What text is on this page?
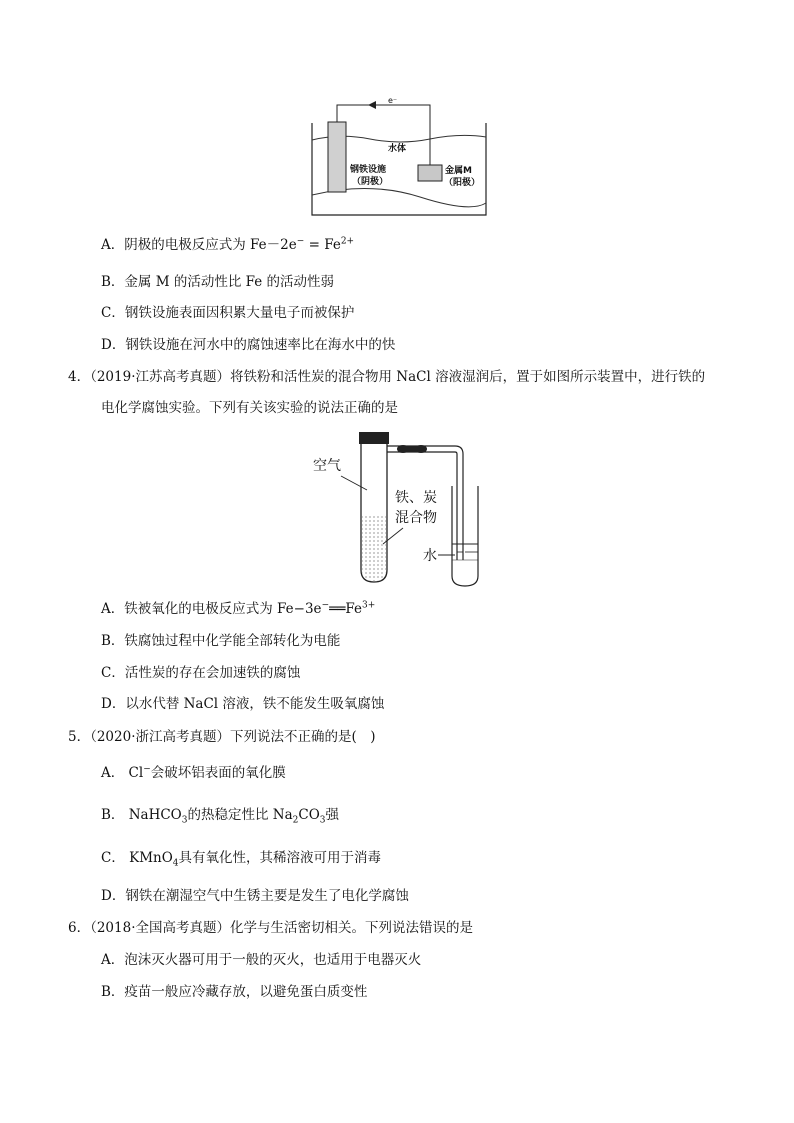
e⁻
水体
钢铁设施
（阴极）
金属M
（阳极）
A．阴极的电极反应式为 $Fe-2e^- = Fe^{2+}$
B．金属 M 的活动性比 Fe 的活动性弱
C．钢铁设施表面因积累大量电子而被保护
D．钢铁设施在河水中的腐蚀速率比在海水中的快
4．（2019·江苏高考真题）将铁粉和活性炭的混合物用 NaCl 溶液湿润后，置于如图所示装置中，进行铁的
电化学腐蚀实验。下列有关该实验的说法正确的是
空气
铁、炭
混合物
水
A．铁被氧化的电极反应式为 $Fe-3e^-══Fe^{3+}$
B．铁腐蚀过程中化学能全部转化为电能
C．活性炭的存在会加速铁的腐蚀
D．以水代替 NaCl 溶液，铁不能发生吸氧腐蚀
5．（2020·浙江高考真题）下列说法不正确的是(　)
A． Cl−会破坏铝表面的氧化膜
B． NaHCO$_3$的热稳定性比 $Na_2CO_3$强
C． KMnO$_4$具有氧化性，其稀溶液可用于消毒
D．钢铁在潮湿空气中生锈主要是发生了电化学腐蚀
6．（2018·全国高考真题）化学与生活密切相关。下列说法错误的是
A．泡沫灭火器可用于一般的灭火，也适用于电器灭火
B．疫苗一般应冷藏存放，以避免蛋白质变性
